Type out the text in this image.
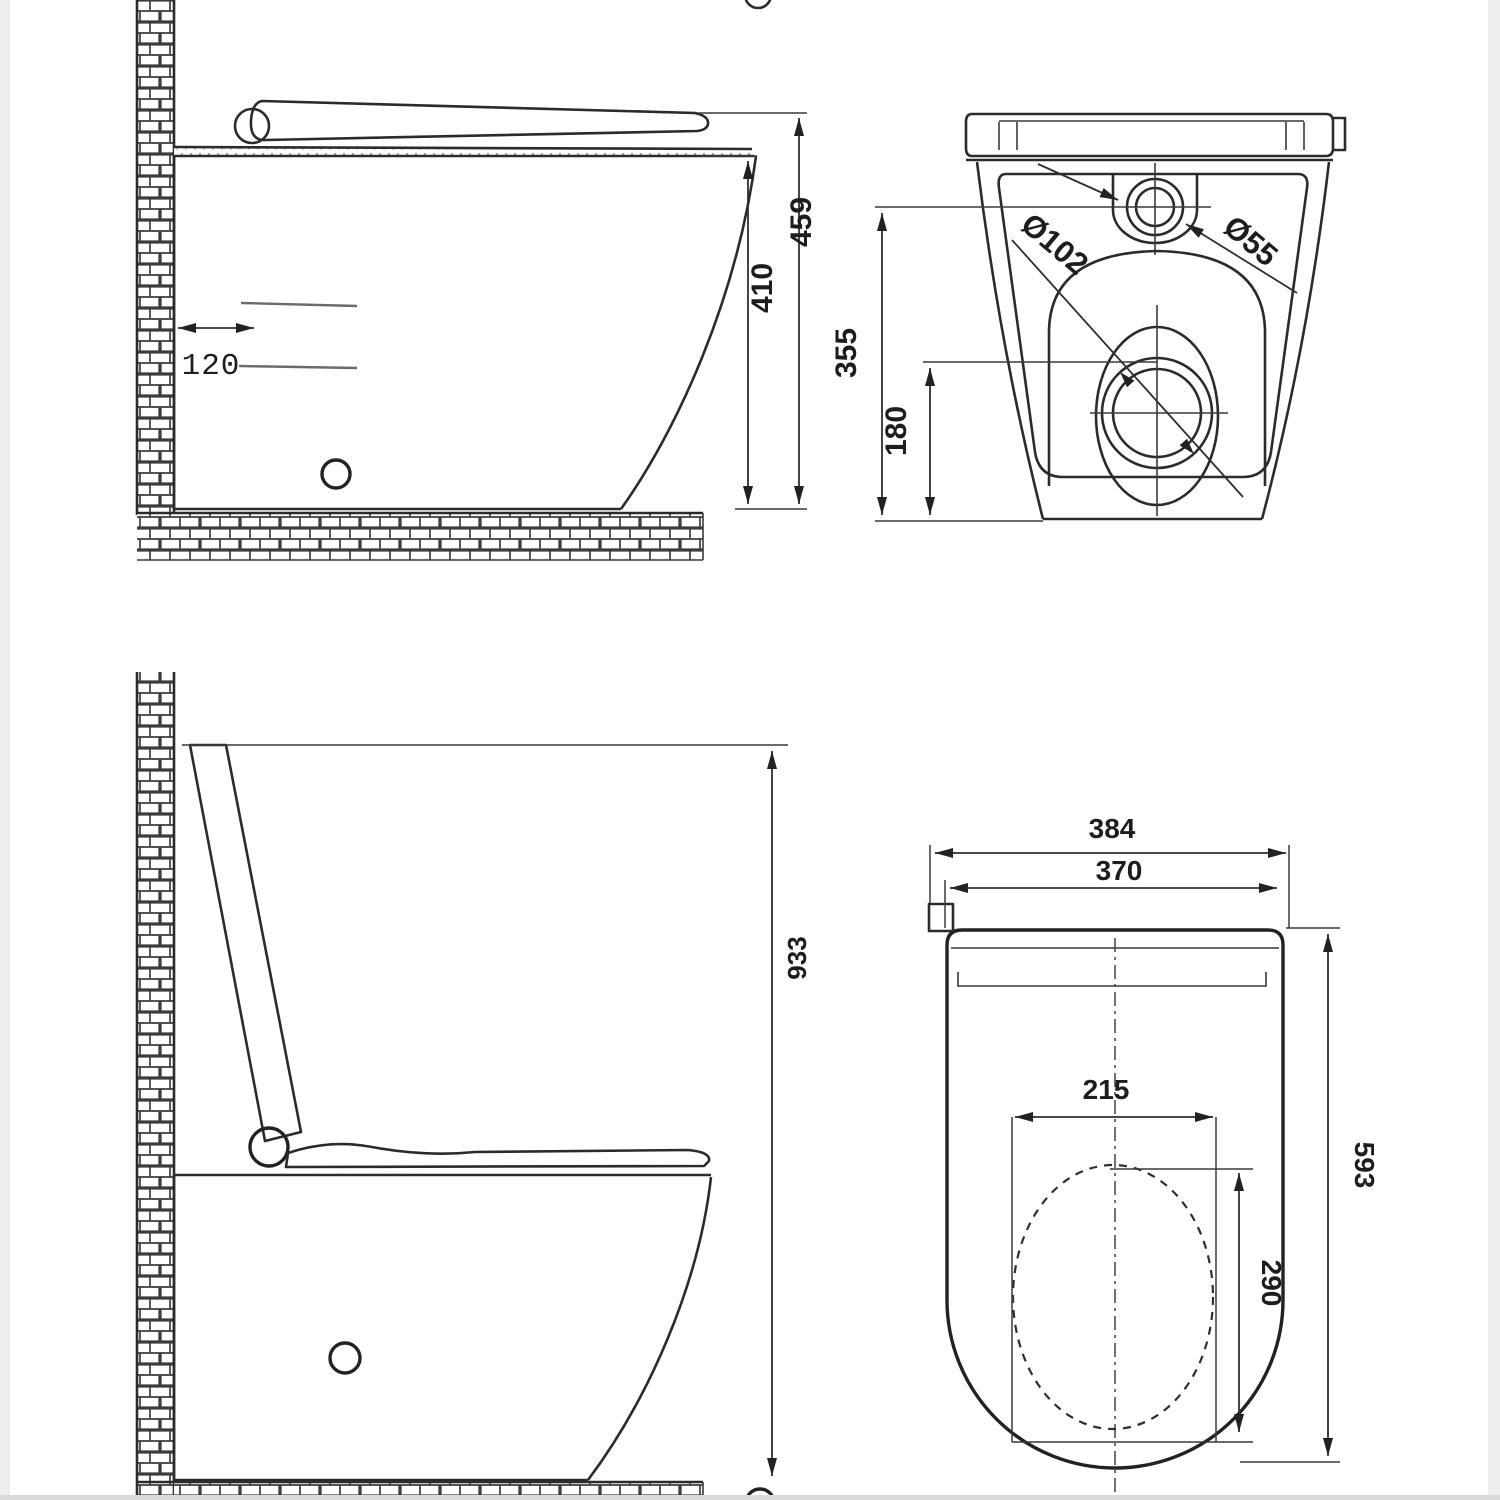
459
410
120	355
180
Ø102	Ø55
933
215
290
593
384
370
